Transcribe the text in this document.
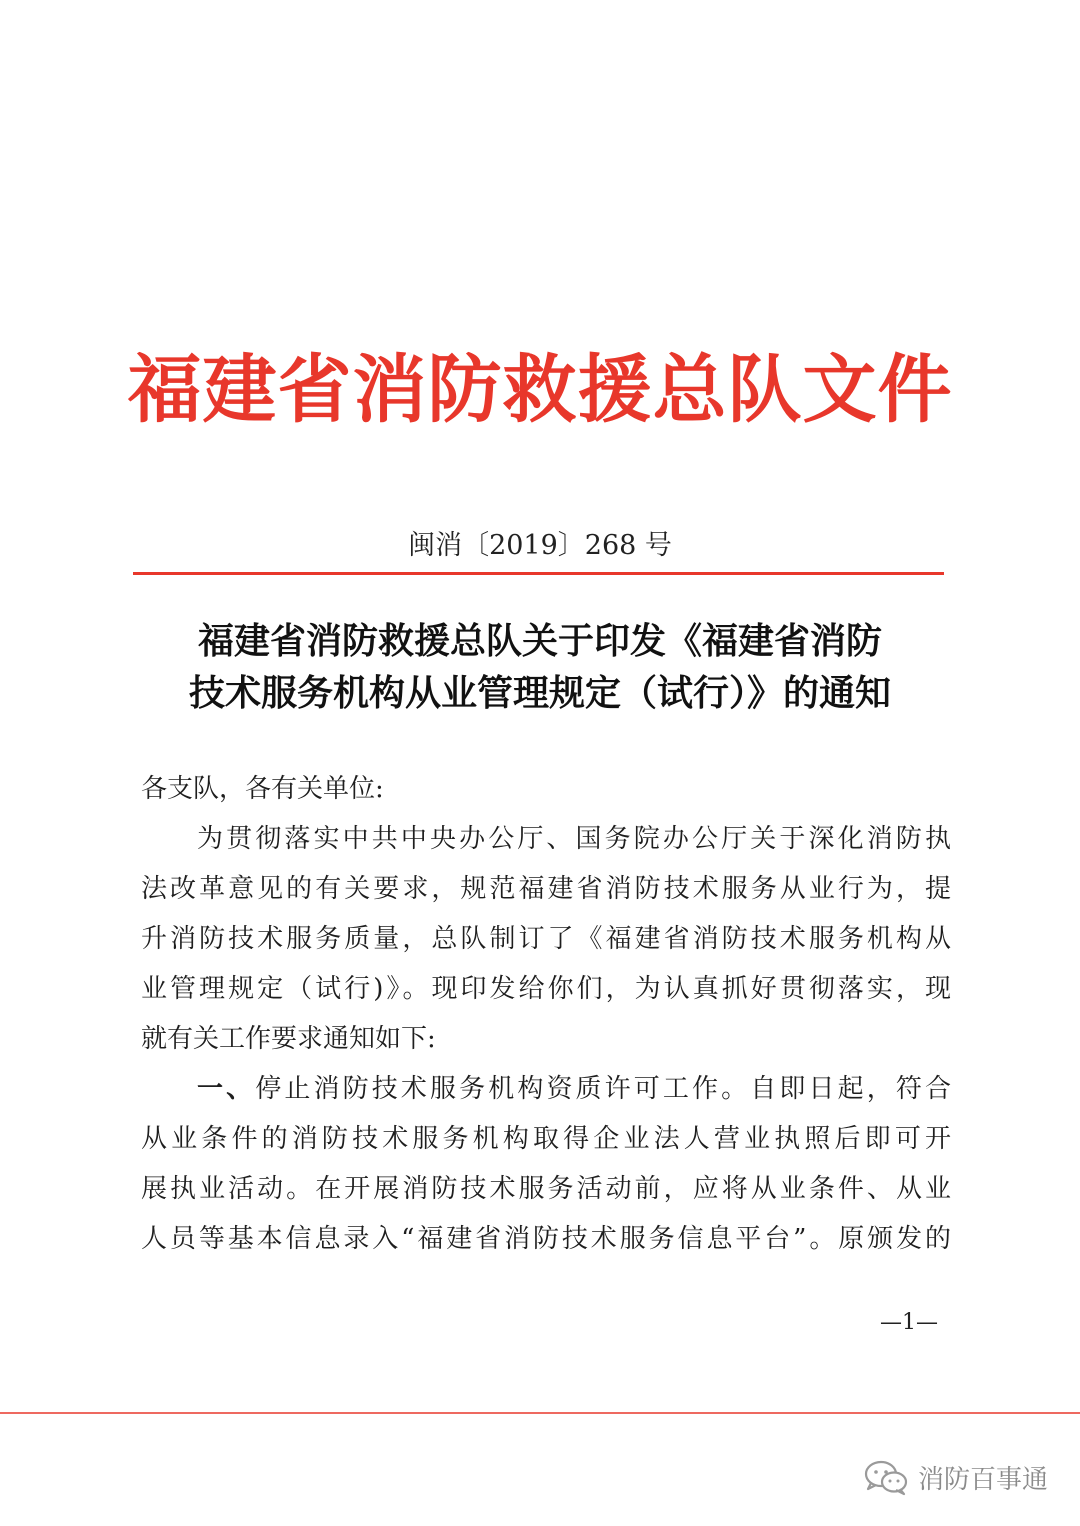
福建省消防救援总队文件
闽消〔2019〕268 号
福建省消防救援总队关于印发《福建省消防
技术服务机构从业管理规定（试行）》的通知

各支队，各有关单位:

为贯彻落实中共中央办公厅、国务院办公厅关于深化消防执

法改革意见的有关要求，规范福建省消防技术服务从业行为，提

升消防技术服务质量，总队制订了《福建省消防技术服务机构从

业管理规定（试行)》。现印发给你们，为认真抓好贯彻落实，现

就有关工作要求通知如下:

一、停止消防技术服务机构资质许可工作。自即日起，符合

从业条件的消防技术服务机构取得企业法人营业执照后即可开

展执业活动。在开展消防技术服务活动前，应将从业条件、从业

人员等基本信息录入“福建省消防技术服务信息平台”。原颁发的

—1—
消防百事通
